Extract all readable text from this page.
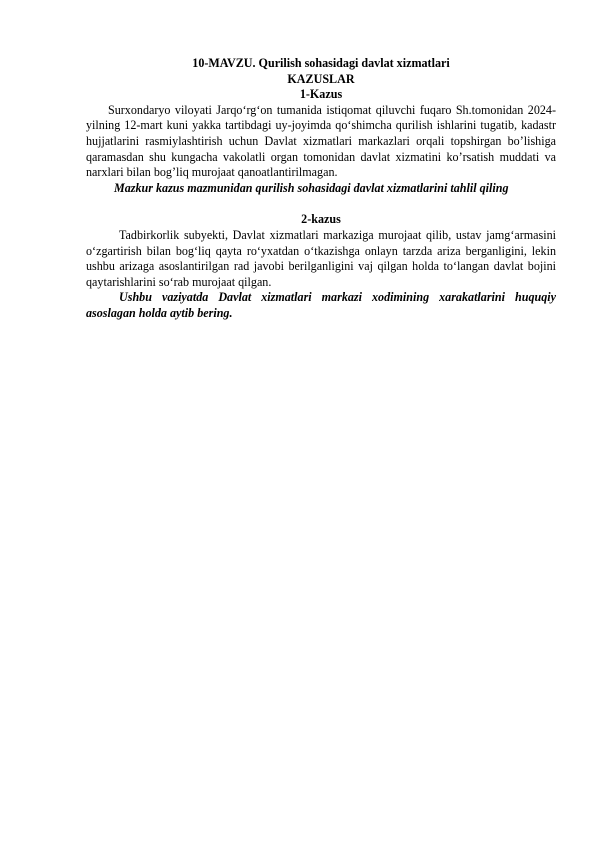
10-MAVZU. Qurilish sohasidagi davlat xizmatlari

KAZUSLAR

1-Kazus

Surxondaryo viloyati Jarqo‘rg‘on tumanida istiqomat qiluvchi fuqaro Sh.tomonidan 2024-yilning 12-mart kuni yakka tartibdagi uy-joyimda qo‘shimcha qurilish ishlarini tugatib, kadastr hujjatlarini rasmiylashtirish uchun Davlat xizmatlari markazlari orqali topshirgan bo’lishiga qaramasdan shu kungacha vakolatli organ tomonidan davlat xizmatini ko’rsatish muddati va narxlari bilan bog’liq murojaat qanoatlantirilmagan.

Mazkur kazus mazmunidan qurilish sohasidagi davlat xizmatlarini tahlil qiling

2-kazus

Tadbirkorlik subyekti, Davlat xizmatlari markaziga murojaat qilib, ustav jamg‘armasini o‘zgartirish bilan bog‘liq qayta ro‘yxatdan o‘tkazishga onlayn tarzda ariza berganligini, lekin ushbu arizaga asoslantirilgan rad javobi berilganligini vaj qilgan holda to‘langan davlat bojini qaytarishlarini so‘rab murojaat qilgan.

Ushbu vaziyatda Davlat xizmatlari markazi xodimining xarakatlarini huquqiy asoslagan holda aytib bering.
